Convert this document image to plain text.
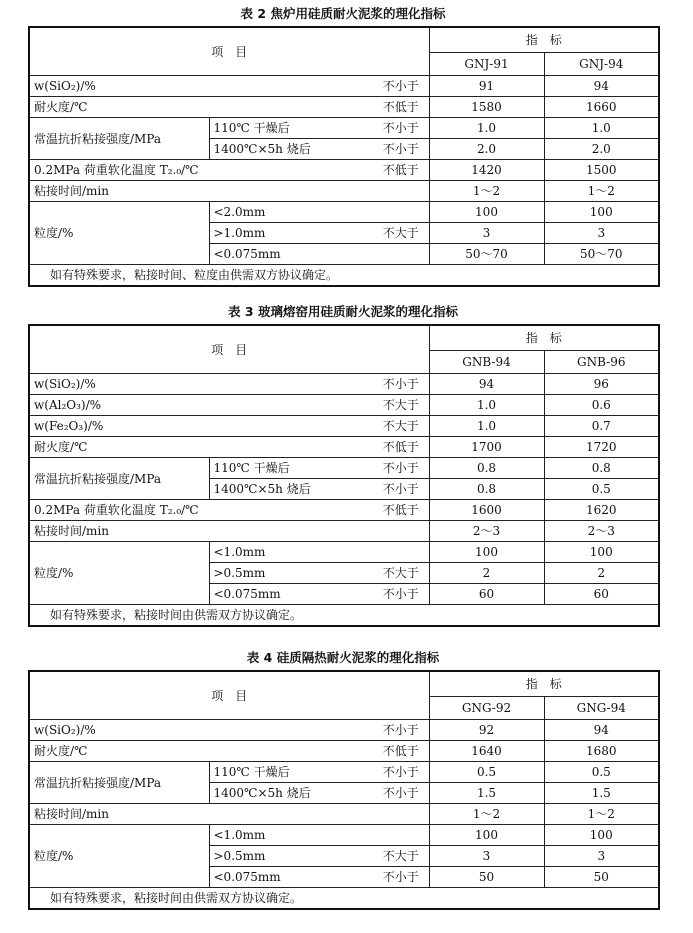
表 2 焦炉用硅质耐火泥浆的理化指标
项　目			指　标	
			GNJ-91	GNJ-94
w(SiO₂)/%		不小于	91	94
耐火度/℃		不低于	1580	1660
常温抗折粘接强度/MPa	110℃ 干燥后	不小于	1.0	1.0
	1400℃×5h 烧后	不小于	2.0	2.0
0.2MPa 荷重软化温度 T₂.₀/℃		不低于	1420	1500
粘接时间/min			1～2	1～2
粒度/%	<2.0mm		100	100
	>1.0mm	不大于	3	3
	<0.075mm		50～70	50～70
如有特殊要求，粘接时间、粒度由供需双方协议确定。				
表 3 玻璃熔窑用硅质耐火泥浆的理化指标
项　目			指　标	
			GNB-94	GNB-96
w(SiO₂)/%		不小于	94	96
w(Al₂O₃)/%		不大于	1.0	0.6
w(Fe₂O₃)/%		不大于	1.0	0.7
耐火度/℃		不低于	1700	1720
常温抗折粘接强度/MPa	110℃ 干燥后	不小于	0.8	0.8
	1400℃×5h 烧后	不小于	0.8	0.5
0.2MPa 荷重软化温度 T₂.₀/℃		不低于	1600	1620
粘接时间/min			2～3	2～3
粒度/%	<1.0mm		100	100
	>0.5mm	不大于	2	2
	<0.075mm	不小于	60	60
如有特殊要求，粘接时间由供需双方协议确定。				
表 4 硅质隔热耐火泥浆的理化指标
项　目			指　标	
			GNG-92	GNG-94
w(SiO₂)/%		不小于	92	94
耐火度/℃		不低于	1640	1680
常温抗折粘接强度/MPa	110℃ 干燥后	不小于	0.5	0.5
	1400℃×5h 烧后	不小于	1.5	1.5
粘接时间/min			1～2	1～2
粒度/%	<1.0mm		100	100
	>0.5mm	不大于	3	3
	<0.075mm	不小于	50	50
如有特殊要求，粘接时间由供需双方协议确定。				
